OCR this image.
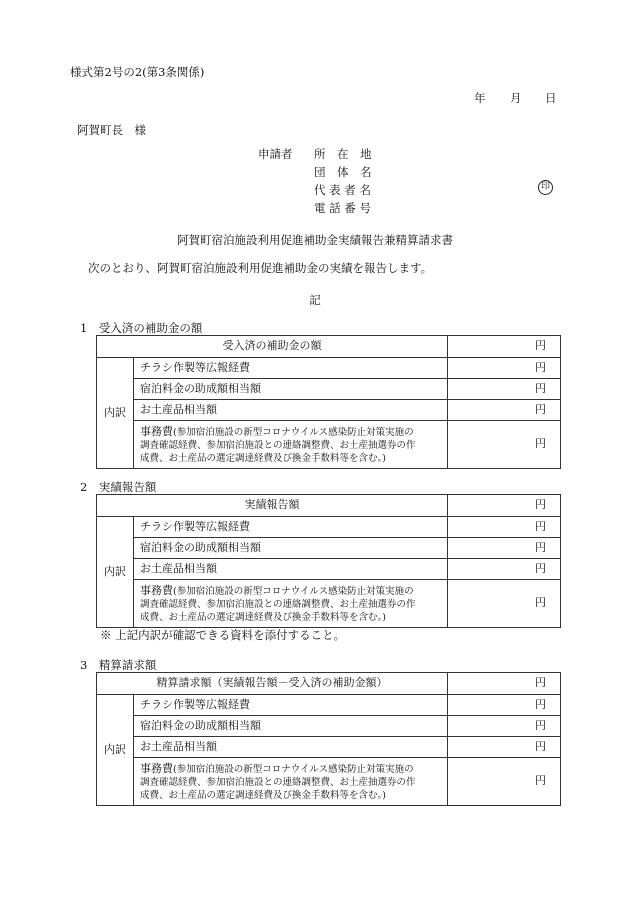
様式第2号の2(第3条関係)
年 月 日
阿賀町長　様
申請者 所　在　地
団　体　名
代 表 者 名
電 話 番 号
印
阿賀町宿泊施設利用促進補助金実績報告兼精算請求書
次のとおり、阿賀町宿泊施設利用促進補助金の実績を報告します。
記
1　受入済の補助金の額
受入済の補助金の額		円
内訳	チラシ作製等広報経費	円
	宿泊料金の助成額相当額	円
	お土産品相当額	円
	事務費(参加宿泊施設の新型コロナウイルス感染防止対策実施の
調査確認経費、参加宿泊施設との連絡調整費、お土産抽選券の作
成費、お土産品の選定調達経費及び換金手数料等を含む。)	円
2　実績報告額
実績報告額		円
内訳	チラシ作製等広報経費	円
	宿泊料金の助成額相当額	円
	お土産品相当額	円
	事務費(参加宿泊施設の新型コロナウイルス感染防止対策実施の
調査確認経費、参加宿泊施設との連絡調整費、お土産抽選券の作
成費、お土産品の選定調達経費及び換金手数料等を含む。)	円
※ 上記内訳が確認できる資料を添付すること。
3　精算請求額
精算請求額（実績報告額－受入済の補助金額）		円
内訳	チラシ作製等広報経費	円
	宿泊料金の助成額相当額	円
	お土産品相当額	円
	事務費(参加宿泊施設の新型コロナウイルス感染防止対策実施の
調査確認経費、参加宿泊施設との連絡調整費、お土産抽選券の作
成費、お土産品の選定調達経費及び換金手数料等を含む。)	円
